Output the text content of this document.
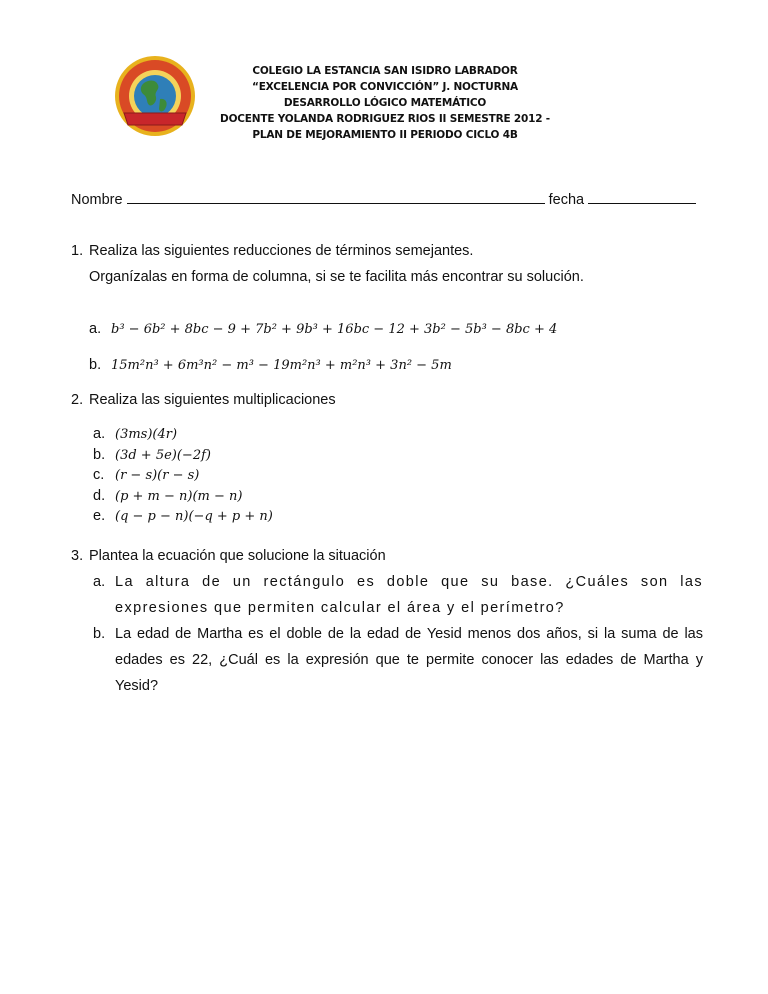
COLEGIO LA ESTANCIA SAN ISIDRO LABRADOR
“EXCELENCIA POR CONVICCIÓN” J. NOCTURNA
DESARROLLO LÓGICO MATEMÁTICO
DOCENTE YOLANDA RODRIGUEZ RIOS II SEMESTRE 2012 -
PLAN DE MEJORAMIENTO II PERIODO CICLO 4B
Nombre	fecha
1. Realiza las siguientes reducciones de términos semejantes.
Organízalas en forma de columna, si se te facilita más encontrar su solución.
a. b³ − 6b² + 8bc − 9 + 7b² + 9b³ + 16bc − 12 + 3b² − 5b³ − 8bc + 4
b. 15m²n³ + 6m³n² − m³ − 19m²n³ + m²n³ + 3n² − 5m
2. Realiza las siguientes multiplicaciones
a. (3ms)(4r)
b. (3d + 5e)(−2f)
c. (r − s)(r − s)
d. (p + m − n)(m − n)
e. (q − p − n)(−q + p + n)
3. Plantea la ecuación que solucione la situación
a. La altura de un rectángulo es doble que su base. ¿Cuáles son las expresiones que permiten calcular el área y el perímetro?
b. La edad de Martha es el doble de la edad de Yesid menos dos años, si la suma de las edades es 22, ¿Cuál es la expresión que te permite conocer las edades de Martha y Yesid?
